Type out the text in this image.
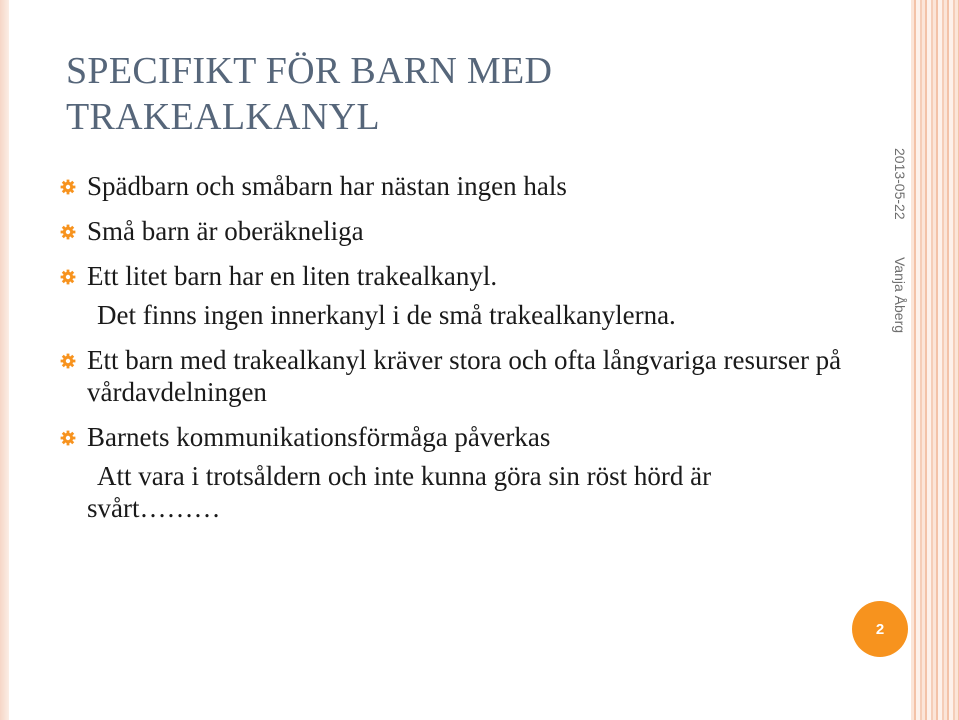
SPECIFIKT FÖR BARN MED TRAKEALKANYL
Spädbarn och småbarn har nästan ingen hals
Små barn är oberäkneliga
Ett litet barn har en liten trakealkanyl.
Det finns ingen innerkanyl i de små trakealkanylerna.
Ett barn med trakealkanyl kräver stora och ofta långvariga resurser på vårdavdelningen
Barnets kommunikationsförmåga påverkas
Att vara i trotsåldern och inte kunna göra sin röst hörd är svårt………
2013-05-22  Vanja Åberg
2
